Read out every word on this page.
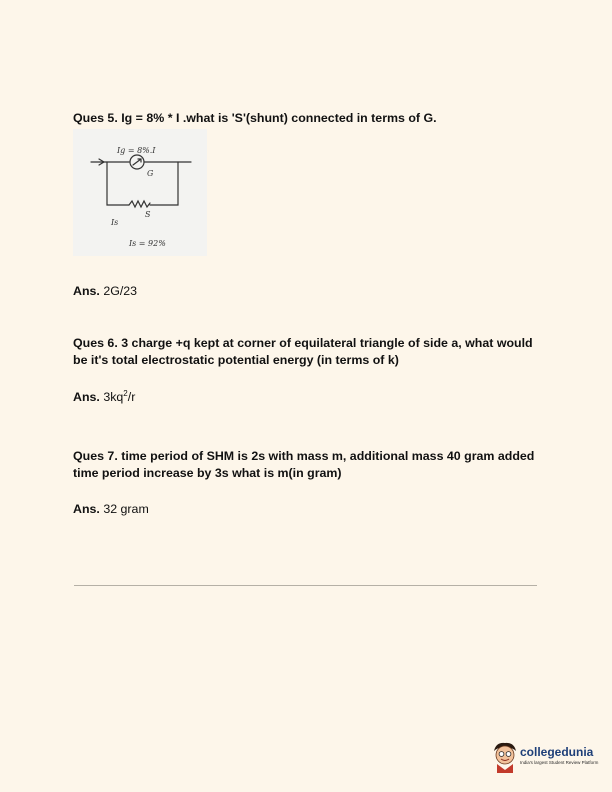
Ques 5. Ig = 8% * I .what is 'S'(shunt) connected in terms of G.
Ig = 8%.I
G
Is
S
Is = 92%
Ans. 2G/23
Ques 6. 3 charge +q kept at corner of equilateral triangle of side a, what would be it's total electrostatic potential energy (in terms of k)
Ans. $3kq^2/r$
Ques 7. time period of SHM is 2s with mass m, additional mass 40 gram added time period increase by 3s what is m(in gram)
Ans. 32 gram
collegedunia
India's largest Student Review Platform
